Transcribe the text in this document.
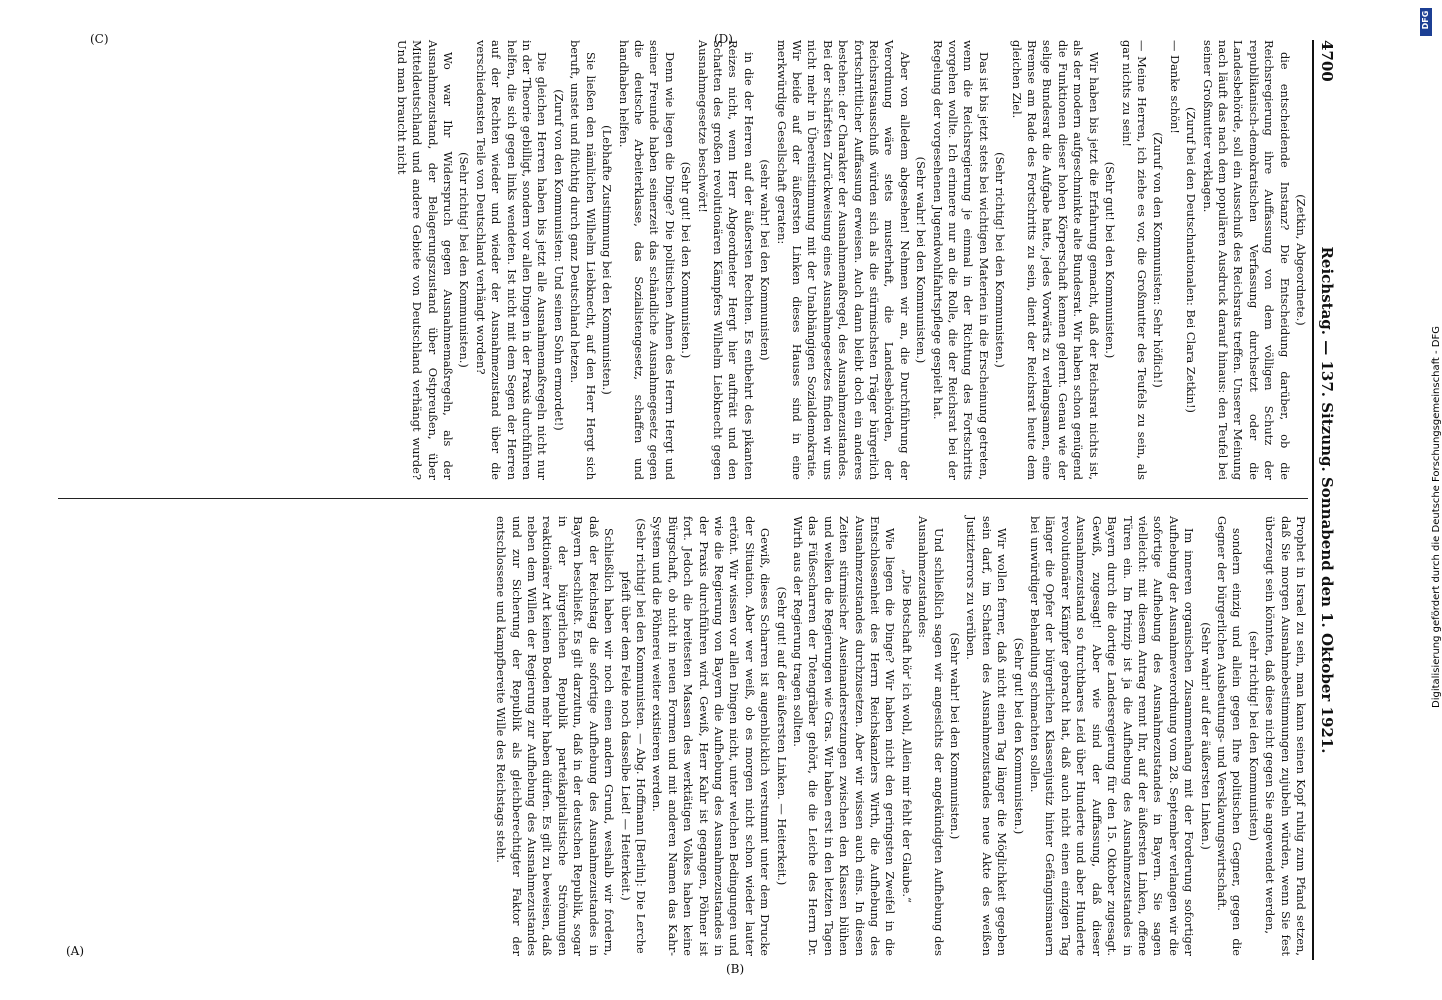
4700
Reichstag. — 137. Sitzung. Sonnabend den 1. Oktober 1921.

(Zetkin, Abgeordnete.)

die entscheidende Instanz? Die Entscheidung darüber, ob die Reichsregierung ihre Auffassung von dem völligen Schutz der republikanisch-demokratischen Verfassung durchsetzt oder die Landesbehörde, soll ein Ausschuß des Reichsrats treffen. Unserer Meinung nach läuft das nach dem populären Ausdruck darauf hinaus: den Teufel bei seiner Großmutter verklagen.

(Zuruf bei den Deutschnationalen: Bei Clara Zetkin!)

— Danke schön!

(Zuruf von den Kommunisten: Sehr höflich!)

— Meine Herren, ich ziehe es vor, die Großmutter des Teufels zu sein, als gar nichts zu sein!

(Sehr gut! bei den Kommunisten.)

Wir haben bis jetzt die Erfahrung gemacht, daß der Reichsrat nichts ist, als der modern aufgeschminkte alte Bundesrat. Wir haben schon genügend die Funktionen dieser hohen Körperschaft kennen gelernt. Genau wie der selige Bundesrat die Aufgabe hatte, jedes Vorwärts zu verlangsamen, eine Bremse am Rade des Fortschritts zu sein, dient der Reichsrat heute dem gleichen Ziel.

(Sehr richtig! bei den Kommunisten.)

Das ist bis jetzt stets bei wichtigen Materien in die Erscheinung getreten, wenn die Reichsregierung je einmal in der Richtung des Fortschritts vorgehen wollte. Ich erinnere nur an die Rolle, die der Reichsrat bei der Regelung der vorgesehenen Jugendwohlfahrtspflege gespielt hat.

(Sehr wahr! bei den Kommunisten.)

Aber von alledem abgesehen! Nehmen wir an, die Durchführung der Verordnung wäre stets musterhaft, die Landesbehörden, der Reichsratsausschuß würden sich als die stürmischsten Träger bürgerlich fortschrittlicher Auffassung erweisen. Auch dann bleibt doch ein anderes bestehen: der Charakter der Ausnahmemaßregel, des Ausnahmezustandes. Bei der schärfsten Zurückweisung eines Ausnahmegesetzes finden wir uns nicht mehr in Übereinstimmung mit der Unabhängigen Sozialdemokratie. Wir beide auf der äußersten Linken dieses Hauses sind in eine merkwürdige Gesellschaft geraten:

(sehr wahr! bei den Kommunisten)

in die der Herren auf der äußersten Rechten. Es entbehrt des pikanten Reizes nicht, wenn Herr Abgeordneter Hergt hier aufträtt und den Schatten des großen revolutionären Kämpfers Wilhelm Liebknecht gegen Ausnahmegesetze beschwört!

(Sehr gut! bei den Kommunisten.)

Denn wie liegen die Dinge? Die politischen Ahnen des Herrn Hergt und seiner Freunde haben seinerzeit das schändliche Ausnahmegesetz gegen die deutsche Arbeiterklasse, das Sozialistengesetz, schaffen und handhaben helfen.

(Lebhafte Zustimmung bei den Kommunisten.)

Sie ließen den nämlichen Wilhelm Liebknecht, auf den Herr Hergt sich beruft, unstet und flüchtig durch ganz Deutschland hetzen.

(Zuruf von den Kommunisten: Und seinen Sohn ermordet!)

Die gleichen Herren haben bis jetzt alle Ausnahmemaßregeln nicht nur in der Theorie gebilligt, sondern vor allen Dingen in der Praxis durchführen helfen, die sich gegen links wendeten. Ist nicht mit dem Segen der Herren auf der Rechten wieder und wieder der Ausnahmezustand über die verschiedensten Teile von Deutschland verhängt worden?

(Sehr richtig! bei den Kommunisten.)

Wo war Ihr Widerspruch gegen Ausnahmemaßregeln, als der Ausnahmezustand, der Belagerungszustand über Ostpreußen, über Mitteldeutschland und andere Gebiete von Deutschland verhängt wurde? Und man braucht nicht

Prophet in Israel zu sein, man kann seinen Kopf ruhig zum Pfand setzen, daß Sie morgen Ausnahmebestimmungen zujubeln würden, wenn Sie fest überzeugt sein könnten, daß diese nicht gegen Sie angewendet werden,

(sehr richtig! bei den Kommunisten)

sondern einzig und allein gegen Ihre politischen Gegner, gegen die Gegner der bürgerlichen Ausbeutungs- und Versklavungswirtschaft.

(Sehr wahr! auf der äußersten Linken.)

Im inneren organischen Zusammenhang mit der Forderung sofortiger Aufhebung der Ausnahmeverordnung vom 28. September verlangen wir die sofortige Aufhebung des Ausnahmezustandes in Bayern. Sie sagen vielleicht: mit diesem Antrag rennt Ihr, auf der äußersten Linken, offene Türen ein. Im Prinzip ist ja die Aufhebung des Ausnahmezustandes in Bayern durch die dortige Landesregierung für den 15. Oktober zugesagt. Gewiß, zugesagt! Aber wie sind der Auffassung, daß dieser Ausnahmezustand so furchtbares Leid über Hunderte und aber Hunderte revolutionärer Kämpfer gebracht hat, daß auch nicht einen einzigen Tag länger die Opfer der bürgerlichen Klassenjustiz hinter Gefängnismauern bei unwürdiger Behandlung schmachten sollen.

(Sehr gut! bei den Kommunisten.)

Wir wollen ferner, daß nicht einen Tag länger die Möglichkeit gegeben sein darf, im Schatten des Ausnahmezustandes neue Akte des weißen Justizterrors zu verüben.

(Sehr wahr! bei den Kommunisten.)

Und schließlich sagen wir angesichts der angekündigten Aufhebung des Ausnahmezustandes:

„Die Botschaft hör' ich wohl, Allein mir fehlt der Glaube.“

Wie liegen die Dinge? Wir haben nicht den geringsten Zweifel in die Entschlossenheit des Herrn Reichskanzlers Wirth, die Aufhebung des Ausnahmezustandes durchzusetzen. Aber wir wissen auch eins. In diesen Zeiten stürmischer Auseinandersetzungen zwischen den Klassen blühen und welken die Regierungen wie Gras. Wir haben erst in den letzten Tagen das Füßescharren der Totengräber gehört, die die Leiche des Herrn Dr. Wirth aus der Regierung tragen sollten.

(Sehr gut! auf der äußersten Linken. — Heiterkeit.)

Gewiß, dieses Scharren ist augenblicklich verstummt unter dem Drucke der Situation. Aber wer weiß, ob es morgen nicht schon wieder lauter ertönt. Wir wissen vor allen Dingen nicht, unter welchen Bedingungen und wie die Regierung von Bayern die Aufhebung des Ausnahmezustandes in der Praxis durchführen wird. Gewiß, Herr Kahr ist gegangen, Pöhner ist fort. Jedoch die breitesten Massen des werktätigen Volkes haben keine Bürgschaft, ob nicht in neuen Formen und mit anderen Namen das Kahr-System und die Pöhnerei weiter existieren werden.

(Sehr richtig! bei den Kommunisten. — Abg. Hoffmann [Berlin]: Die Lerche pfeift über dem Felde noch dasselbe Lied! — Heiterkeit.)

Schließlich haben wir noch einen andern Grund, weshalb wir fordern, daß der Reichstag die sofortige Aufhebung des Ausnahmezustandes in Bayern beschließt. Es gilt darzutun, daß in der deutschen Republik, sogar in der bürgerlichen Republik parteikapitalistische Strömungen reaktionärer Art keinen Boden mehr haben dürfen. Es gilt zu beweisen, daß neben dem Willen der Regierung zur Aufhebung des Ausnahmezustandes und zur Sicherung der Republik als gleichberechtigter Faktor der entschlossene und kampfbereite Wille des Reichstags steht.

(A)
(B)
(C)	(D)
DFG
Digitalisierung gefördert durch die Deutsche Forschungsgemeinschaft - DFG
